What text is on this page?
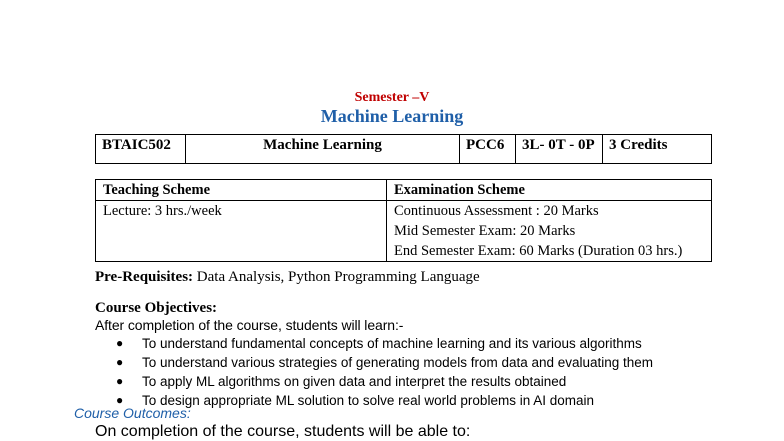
Semester –V
Machine Learning
BTAIC502	Machine Learning	PCC6	3L- 0T - 0P	3 Credits
Teaching Scheme	Examination Scheme
Lecture: 3 hrs./week	Continuous Assessment : 20 Marks
Mid Semester Exam: 20 Marks
End Semester Exam: 60 Marks (Duration 03 hrs.)
Pre-Requisites: Data Analysis, Python Programming Language
Course Objectives:
After completion of the course, students will learn:-
● To understand fundamental concepts of machine learning and its various algorithms
● To understand various strategies of generating models from data and evaluating them
● To apply ML algorithms on given data and interpret the results obtained
● To design appropriate ML solution to solve real world problems in AI domain
Course Outcomes:
On completion of the course, students will be able to:
